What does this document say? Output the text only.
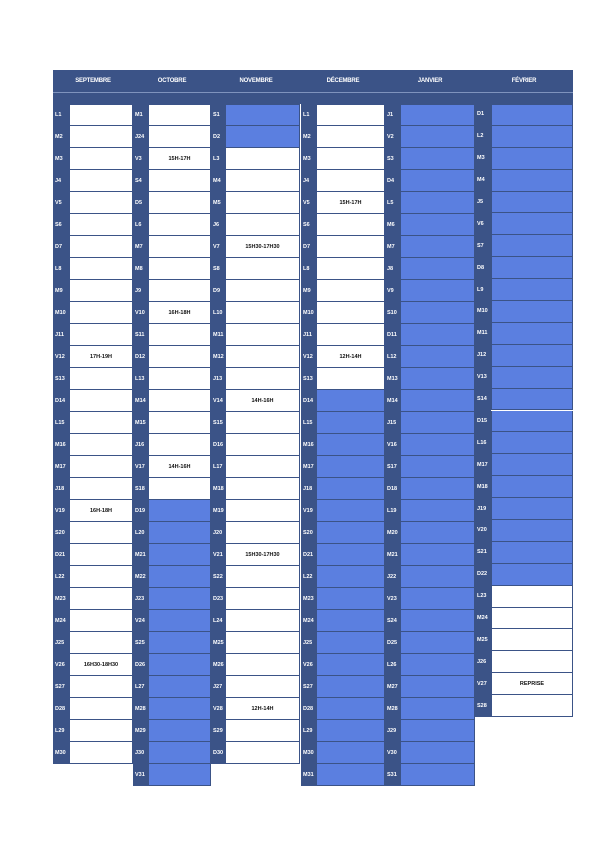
SEPTEMBRE
L1
M2
M3
J4
V5
S6
D7
L8
M9
M10
J11
V12	17H-19H
S13
D14
L15
M16
M17
J18
V19	16H-18H
S20
D21
L22
M23
M24
J25
V26	16H30-18H30
S27
D28
L29
M30
OCTOBRE
M1
J24
V3	15H-17H
S4
D5
L6
M7
M8
J9
V10	16H-18H
S11
D12
L13
M14
M15
J16
V17	14H-16H
S18
D19
L20
M21
M22
J23
V24
S25
D26
L27
M28
M29
J30
V31
NOVEMBRE
S1
D2
L3
M4
M5
J6
V7	15H30-17H30
S8
D9
L10
M11
M12
J13
V14	14H-16H
S15
D16
L17
M18
M19
J20
V21	15H30-17H30
S22
D23
L24
M25
M26
J27
V28	12H-14H
S29
D30
DÉCEMBRE
L1
M2
M3
J4
V5	15H-17H
S6
D7
L8
M9
M10
J11
V12	12H-14H
S13
D14
L15
M16
M17
J18
V19
S20
D21
L22
M23
M24
J25
V26
S27
D28
L29
M30
M31
JANVIER
J1
V2
S3
D4
L5
M6
M7
J8
V9
S10
D11
L12
M13
M14
J15
V16
S17
D18
L19
M20
M21
J22
V23
S24
D25
L26
M27
M28
J29
V30
S31
FÉVRIER
D1
L2
M3
M4
J5
V6
S7
D8
L9
M10
M11
J12
V13
S14
D15
L16
M17
M18
J19
V20
S21
D22
L23
M24
M25
J26
V27	REPRISE
S28
